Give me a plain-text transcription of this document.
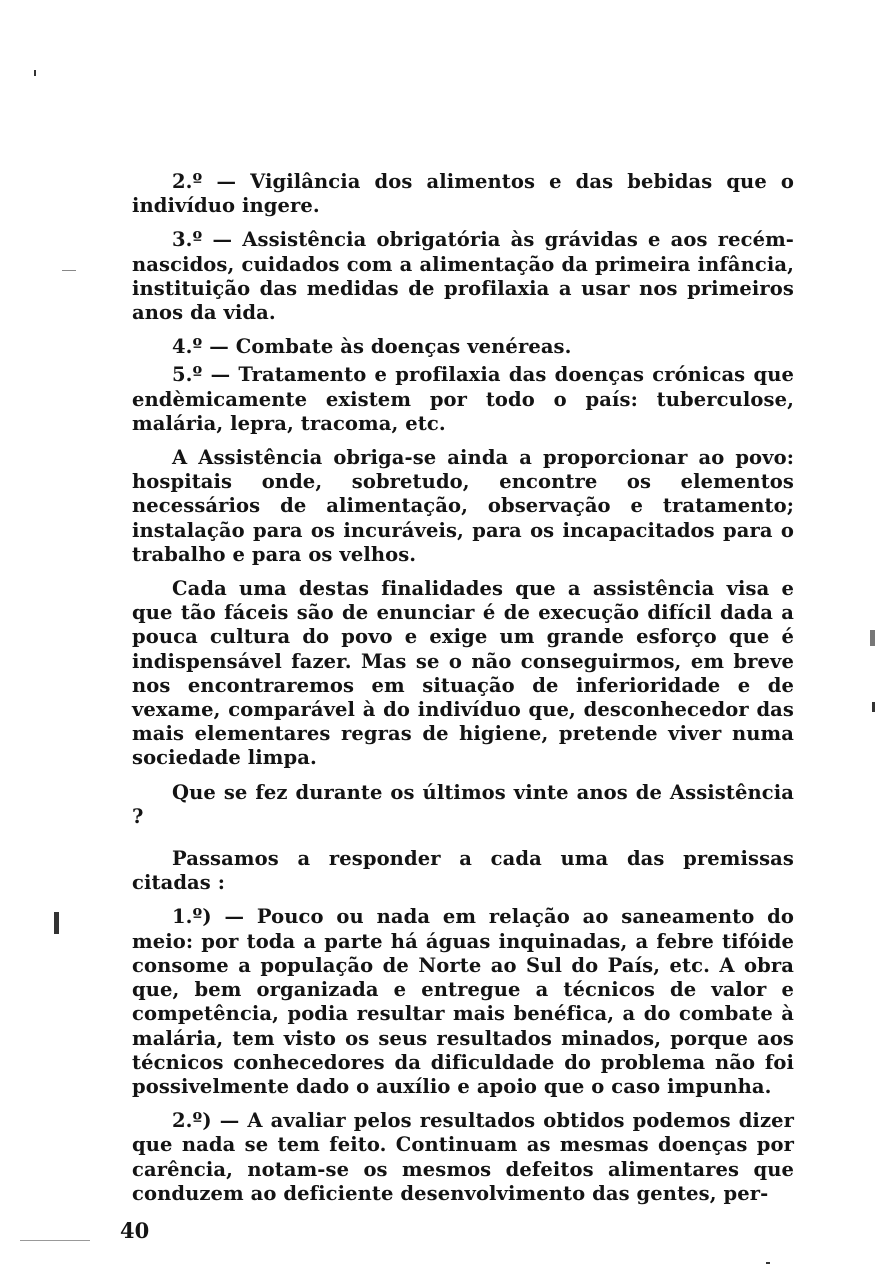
2.º — Vigilância dos alimentos e das bebidas que o indivíduo ingere.

3.º — Assistência obrigatória às grávidas e aos recém-nascidos, cuidados com a alimentação da primeira infância, instituição das medidas de profilaxia a usar nos primeiros anos da vida.

4.º — Combate às doenças venéreas.

5.º — Tratamento e profilaxia das doenças crónicas que endèmicamente existem por todo o país: tuberculose, malária, lepra, tracoma, etc.

A Assistência obriga-se ainda a proporcionar ao povo: hospitais onde, sobretudo, encontre os elementos necessários de alimentação, observação e tratamento; instalação para os incuráveis, para os incapacitados para o trabalho e para os velhos.

Cada uma destas finalidades que a assistência visa e que tão fáceis são de enunciar é de execução difícil dada a pouca cultura do povo e exige um grande esforço que é indispensável fazer. Mas se o não conseguirmos, em breve nos encontraremos em situação de inferioridade e de vexame, comparável à do indivíduo que, desconhecedor das mais elementares regras de higiene, pretende viver numa sociedade limpa.

Que se fez durante os últimos vinte anos de Assistência ?

Passamos a responder a cada uma das premissas citadas :

1.º) — Pouco ou nada em relação ao saneamento do meio: por toda a parte há águas inquinadas, a febre tifóide consome a população de Norte ao Sul do País, etc. A obra que, bem organizada e entregue a técnicos de valor e competência, podia resultar mais benéfica, a do combate à malária, tem visto os seus resultados minados, porque aos técnicos conhecedores da dificuldade do problema não foi possivelmente dado o auxílio e apoio que o caso impunha.

2.º) — A avaliar pelos resultados obtidos podemos dizer que nada se tem feito. Continuam as mesmas doenças por carência, notam-se os mesmos defeitos alimentares que conduzem ao deficiente desenvolvimento das gentes, per-

40
